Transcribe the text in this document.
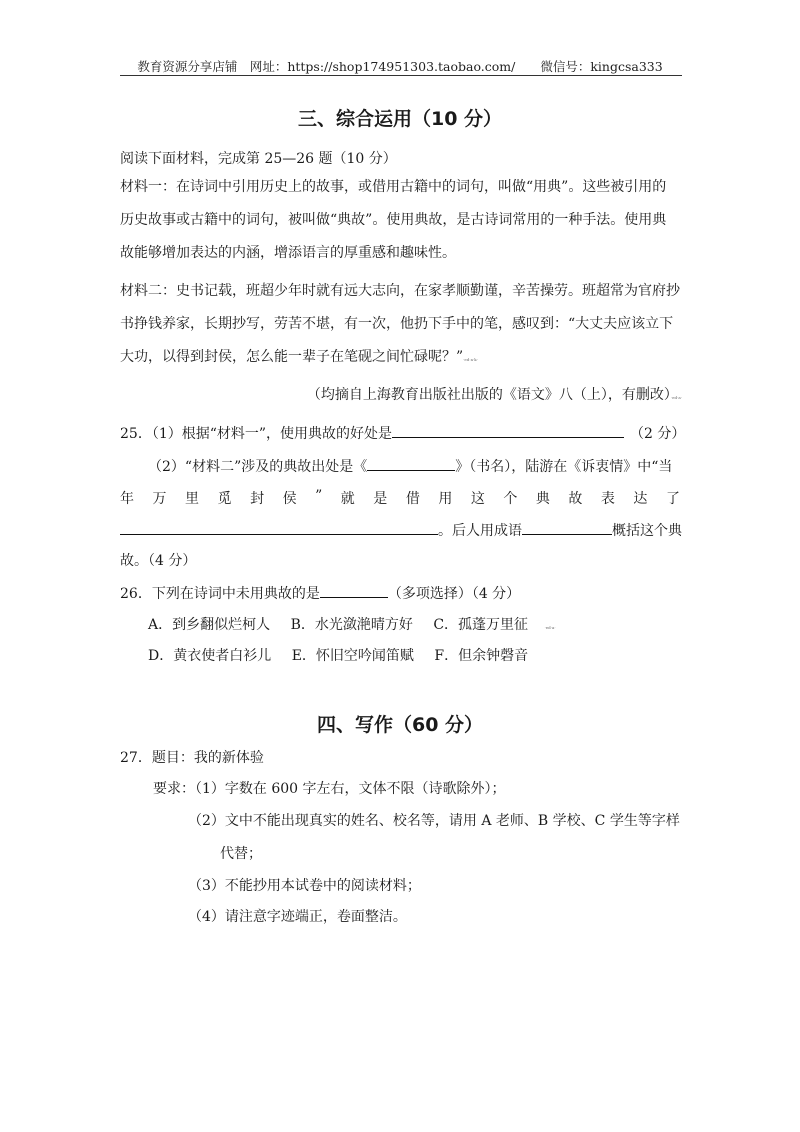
教育资源分享店铺　网址：https://shop174951303.taobao.com/　　微信号：kingcsa333
三、综合运用（10 分）
阅读下面材料，完成第 25—26 题（10 分）
材料一：在诗词中引用历史上的故事，或借用古籍中的词句，叫做“用典”。这些被引用的
历史故事或古籍中的词句，被叫做“典故”。使用典故，是古诗词常用的一种手法。使用典
故能够增加表达的内涵，增添语言的厚重感和趣味性。
材料二：史书记载，班超少年时就有远大志向，在家孝顺勤谨，辛苦操劳。班超常为官府抄
书挣钱养家，长期抄写，劳苦不堪，有一次，他扔下手中的笔，感叹到：“大丈夫应该立下
大功，以得到封侯，怎么能一辈子在笔砚之间忙碌呢？”·ed·a·k·
（均摘自上海教育出版社出版的《语文》八（上），有删改）·ed·a·
25．（1）根据“材料一”，使用典故的好处是	（2 分）
（2）“材料二”涉及的典故出处是《	》（书名），陆游在《诉衷情》中“当
年 万 里 觅 封 侯 ” 就 是 借 用 这 个 典 故 表 达 了
。后人用成语	概括这个典
故。（4 分）
26．下列在诗词中未用典故的是	（多项选择）（4 分）
A．到乡翻似烂柯人 B．水光潋滟晴方好 C．孤蓬万里征	·ed·a·
D．黄衣使者白衫儿 E．怀旧空吟闻笛赋 F．但余钟磬音
四、写作（60 分）
27．题目：我的新体验
要求：（1）字数在 600 字左右，文体不限（诗歌除外）；
（2）文中不能出现真实的姓名、校名等，请用 A 老师、B 学校、C 学生等字样
代替；
（3）不能抄用本试卷中的阅读材料；
（4）请注意字迹端正，卷面整洁。
